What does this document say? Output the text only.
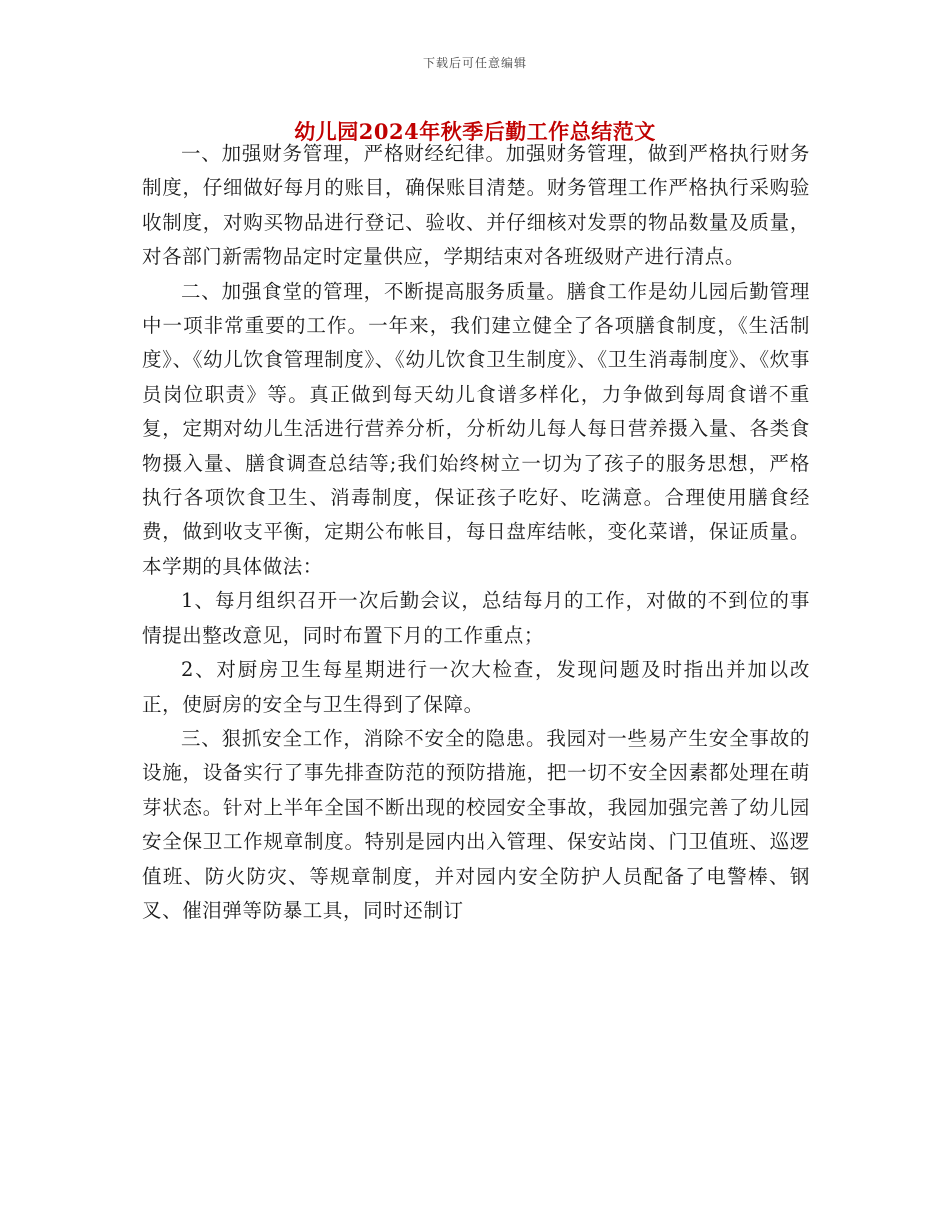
下载后可任意编辑
幼儿园2024年秋季后勤工作总结范文

一、加强财务管理，严格财经纪律。加强财务管理，做到严格执行财务制度，仔细做好每月的账目，确保账目清楚。财务管理工作严格执行采购验收制度，对购买物品进行登记、验收、并仔细核对发票的物品数量及质量，对各部门新需物品定时定量供应，学期结束对各班级财产进行清点。

二、加强食堂的管理，不断提高服务质量。膳食工作是幼儿园后勤管理中一项非常重要的工作。一年来，我们建立健全了各项膳食制度，《生活制度》、《幼儿饮食管理制度》、《幼儿饮食卫生制度》、《卫生消毒制度》、《炊事员岗位职责》等。真正做到每天幼儿食谱多样化，力争做到每周食谱不重复，定期对幼儿生活进行营养分析，分析幼儿每人每日营养摄入量、各类食物摄入量、膳食调查总结等;我们始终树立一切为了孩子的服务思想，严格执行各项饮食卫生、消毒制度，保证孩子吃好、吃满意。合理使用膳食经费，做到收支平衡，定期公布帐目，每日盘库结帐，变化菜谱，保证质量。本学期的具体做法：

1、每月组织召开一次后勤会议，总结每月的工作，对做的不到位的事情提出整改意见，同时布置下月的工作重点；

2、对厨房卫生每星期进行一次大检查，发现问题及时指出并加以改正，使厨房的安全与卫生得到了保障。

三、狠抓安全工作，消除不安全的隐患。我园对一些易产生安全事故的设施，设备实行了事先排查防范的预防措施，把一切不安全因素都处理在萌芽状态。针对上半年全国不断出现的校园安全事故，我园加强完善了幼儿园安全保卫工作规章制度。特别是园内出入管理、保安站岗、门卫值班、巡逻值班、防火防灾、等规章制度，并对园内安全防护人员配备了电警棒、钢叉、催泪弹等防暴工具，同时还制订
